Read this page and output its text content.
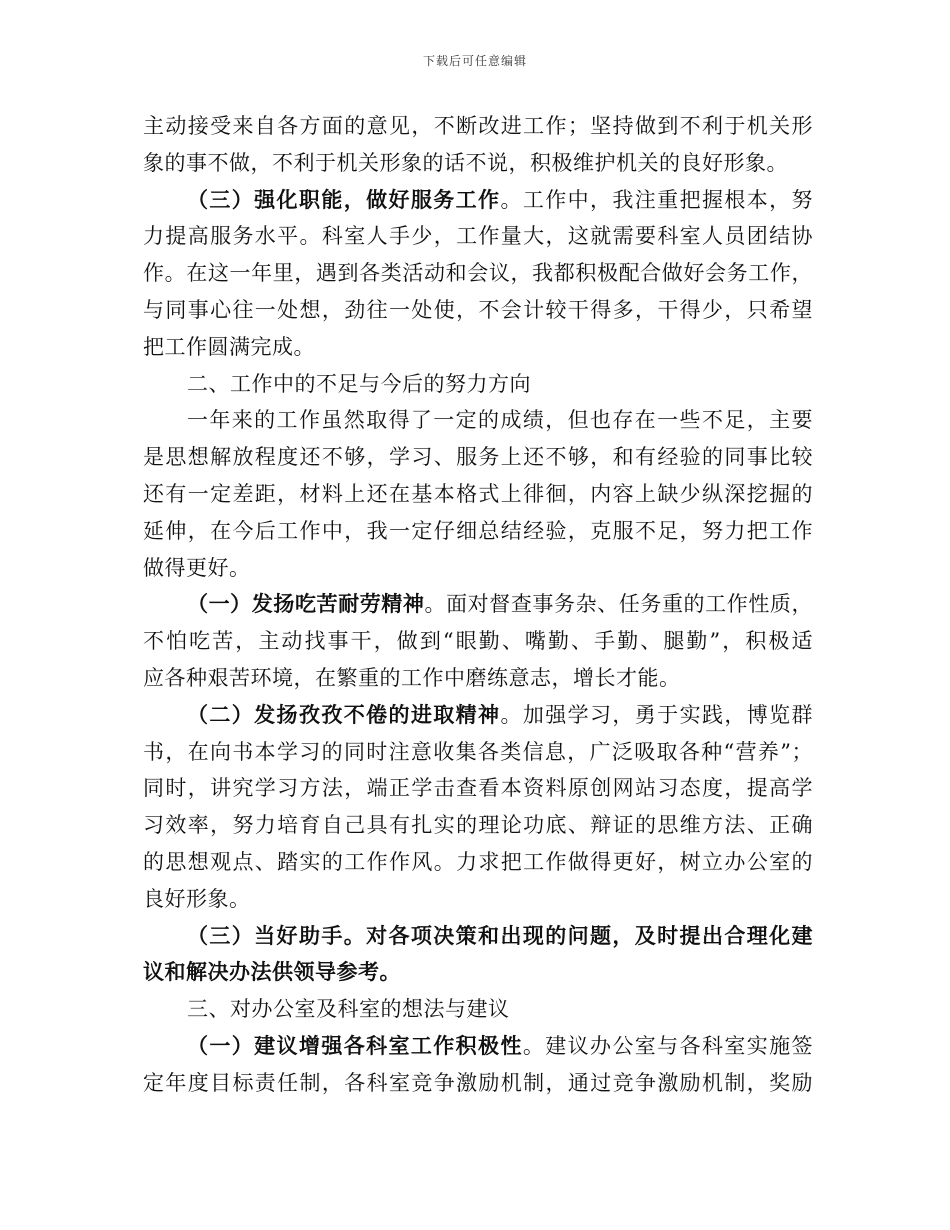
下载后可任意编辑
主动接受来自各方面的意见，不断改进工作；坚持做到不利于机关形
象的事不做，不利于机关形象的话不说，积极维护机关的良好形象。
（三）强化职能，做好服务工作。工作中，我注重把握根本，努
力提高服务水平。科室人手少，工作量大，这就需要科室人员团结协
作。在这一年里，遇到各类活动和会议，我都积极配合做好会务工作，
与同事心往一处想，劲往一处使，不会计较干得多，干得少，只希望
把工作圆满完成。
二、工作中的不足与今后的努力方向
一年来的工作虽然取得了一定的成绩，但也存在一些不足，主要
是思想解放程度还不够，学习、服务上还不够，和有经验的同事比较
还有一定差距，材料上还在基本格式上徘徊，内容上缺少纵深挖掘的
延伸，在今后工作中，我一定仔细总结经验，克服不足，努力把工作
做得更好。
（一）发扬吃苦耐劳精神。面对督查事务杂、任务重的工作性质，
不怕吃苦，主动找事干，做到“眼勤、嘴勤、手勤、腿勤”，积极适
应各种艰苦环境，在繁重的工作中磨练意志，增长才能。
（二）发扬孜孜不倦的进取精神。加强学习，勇于实践，博览群
书，在向书本学习的同时注意收集各类信息，广泛吸取各种“营养”；
同时，讲究学习方法，端正学击查看本资料原创网站习态度，提高学
习效率，努力培育自己具有扎实的理论功底、辩证的思维方法、正确
的思想观点、踏实的工作作风。力求把工作做得更好，树立办公室的
良好形象。
（三）当好助手。对各项决策和出现的问题，及时提出合理化建
议和解决办法供领导参考。
三、对办公室及科室的想法与建议
（一）建议增强各科室工作积极性。建议办公室与各科室实施签
定年度目标责任制，各科室竞争激励机制，通过竞争激励机制，奖励
